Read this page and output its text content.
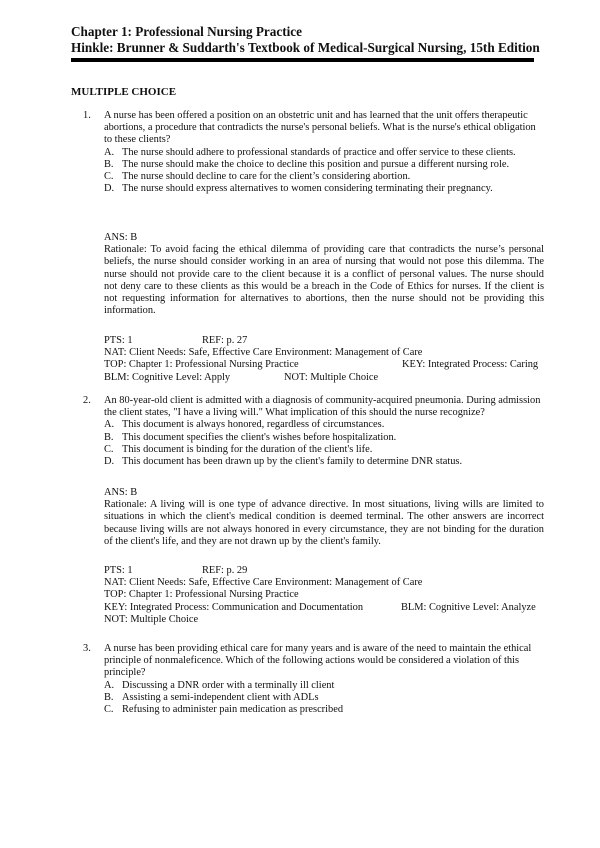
Chapter 1: Professional Nursing Practice
Hinkle: Brunner & Suddarth's Textbook of Medical-Surgical Nursing, 15th Edition
MULTIPLE CHOICE
1. A nurse has been offered a position on an obstetric unit and has learned that the unit offers therapeutic abortions, a procedure that contradicts the nurse's personal beliefs. What is the nurse's ethical obligation to these clients?

A. The nurse should adhere to professional standards of practice and offer service to these clients.
B. The nurse should make the choice to decline this position and pursue a different nursing role.
C. The nurse should decline to care for the client’s considering abortion.
D. The nurse should express alternatives to women considering terminating their pregnancy.

ANS: B

Rationale: To avoid facing the ethical dilemma of providing care that contradicts the nurse’s personal beliefs, the nurse should consider working in an area of nursing that would not pose this dilemma. The nurse should not provide care to the client because it is a conflict of personal values. The nurse should not deny care to these clients as this would be a breach in the Code of Ethics for nurses. If the client is not requesting information for alternatives to abortions, then the nurse should not be providing this information.

PTS: 1	REF: p. 27
NAT: Client Needs: Safe, Effective Care Environment: Management of Care
TOP: Chapter 1: Professional Nursing Practice	KEY: Integrated Process: Caring
BLM: Cognitive Level: Apply	NOT: Multiple Choice
2. An 80-year-old client is admitted with a diagnosis of community-acquired pneumonia. During admission the client states, "I have a living will." What implication of this should the nurse recognize?

A. This document is always honored, regardless of circumstances.
B. This document specifies the client's wishes before hospitalization.
C. This document is binding for the duration of the client's life.
D. This document has been drawn up by the client's family to determine DNR status.

ANS: B

Rationale: A living will is one type of advance directive. In most situations, living wills are limited to situations in which the client's medical condition is deemed terminal. The other answers are incorrect because living wills are not always honored in every circumstance, they are not binding for the duration of the client's life, and they are not drawn up by the client's family.

PTS: 1	REF: p. 29
NAT: Client Needs: Safe, Effective Care Environment: Management of Care
TOP: Chapter 1: Professional Nursing Practice
KEY: Integrated Process: Communication and Documentation	BLM: Cognitive Level: Analyze
NOT: Multiple Choice
3. A nurse has been providing ethical care for many years and is aware of the need to maintain the ethical principle of nonmaleficence. Which of the following actions would be considered a violation of this principle?

A. Discussing a DNR order with a terminally ill client
B. Assisting a semi-independent client with ADLs
C. Refusing to administer pain medication as prescribed
